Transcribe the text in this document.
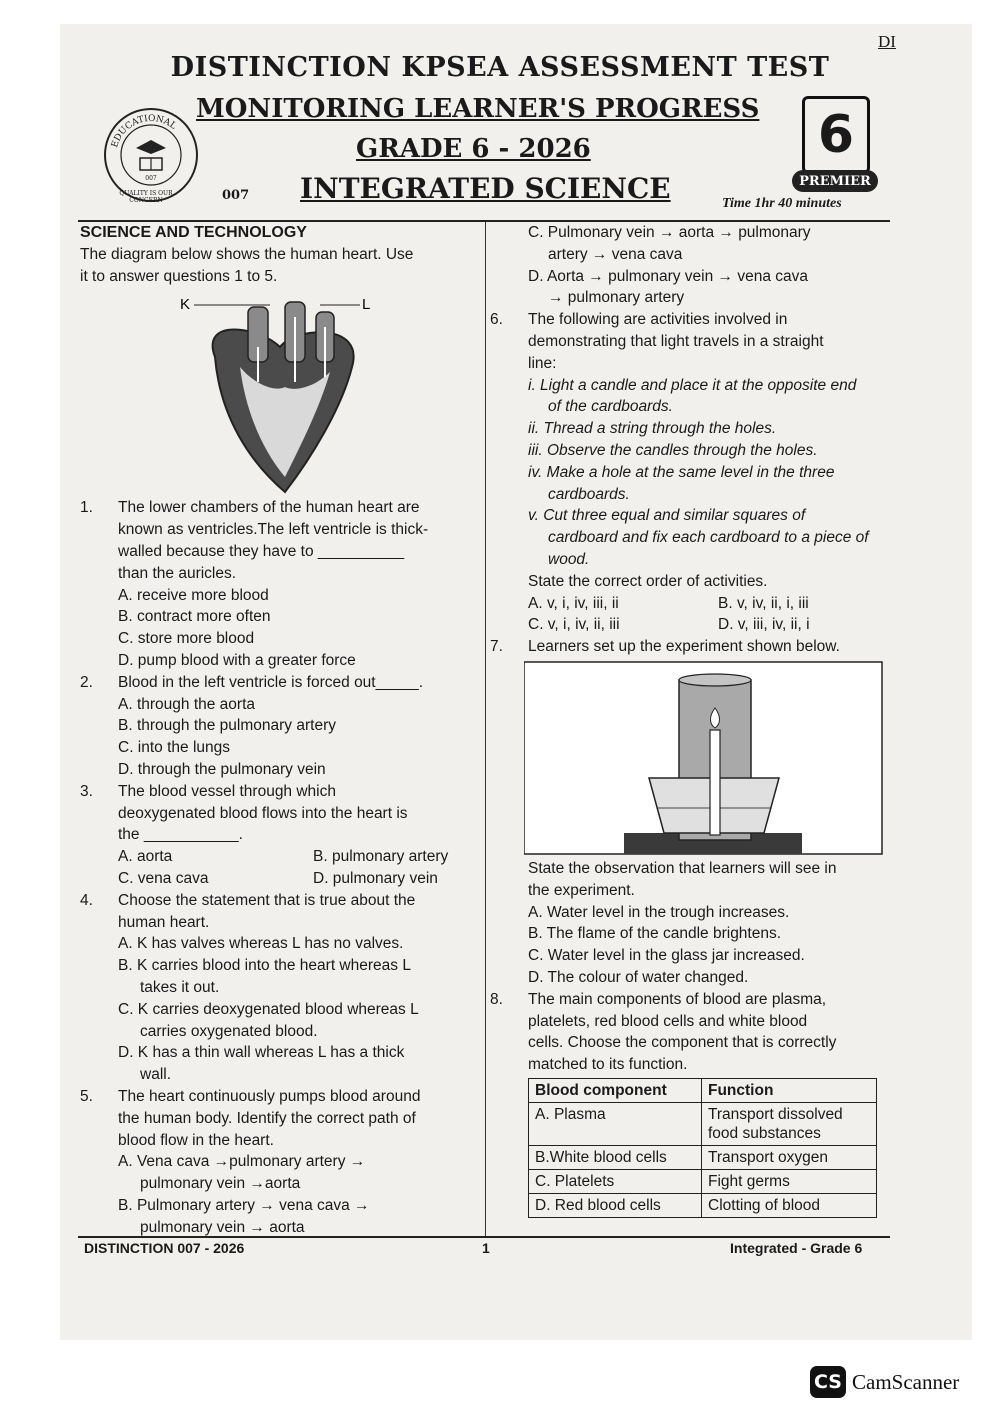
DI
DISTINCTION KPSEA ASSESSMENT TEST
MONITORING LEARNER'S PROGRESS
GRADE 6 - 2026
INTEGRATED SCIENCE
6
PREMIER
Time 1hr 40 minutes
EDUCATIONAL
007
QUALITY IS OUR CONCERN	007

SCIENCE AND TECHNOLOGY

The diagram below shows the human heart. Use

it to answer questions 1 to 5.

K	L
1. The lower chambers of the human heart are

known as ventricles.The left ventricle is thick-

walled because they have to __________

than the auricles.

A. receive more blood

B. contract more often

C. store more blood

D. pump blood with a greater force

2. Blood in the left ventricle is forced out_____.

A. through the aorta

B. through the pulmonary artery

C. into the lungs

D. through the pulmonary vein

3. The blood vessel through which

deoxygenated blood flows into the heart is

the ___________.

A. aorta	B. pulmonary artery
C. vena cava	D. pulmonary vein
4. Choose the statement that is true about the

human heart.

A. K has valves whereas L has no valves.

B. K carries blood into the heart whereas L

takes it out.

C. K carries deoxygenated blood whereas L

carries oxygenated blood.

D. K has a thin wall whereas L has a thick

wall.

5. The heart continuously pumps blood around

the human body. Identify the correct path of

blood flow in the heart.

A. Vena cava →pulmonary artery →

pulmonary vein →aorta

B. Pulmonary artery → vena cava →

pulmonary vein → aorta

C. Pulmonary vein → aorta → pulmonary

artery → vena cava

D. Aorta → pulmonary vein → vena cava

→ pulmonary artery

6. The following are activities involved in

demonstrating that light travels in a straight

line:

i. Light a candle and place it at the opposite end

of the cardboards.

ii. Thread a string through the holes.

iii. Observe the candles through the holes.

iv. Make a hole at the same level in the three

cardboards.

v. Cut three equal and similar squares of

cardboard and fix each cardboard to a piece of

wood.

State the correct order of activities.

A. v, i, iv, iii, ii	B. v, iv, ii, i, iii
C. v, i, iv, ii, iii	D. v, iii, iv, ii, i
7. Learners set up the experiment shown below.

State the observation that learners will see in

the experiment.

A. Water level in the trough increases.

B. The flame of the candle brightens.

C. Water level in the glass jar increased.

D. The colour of water changed.

8. The main components of blood are plasma,

platelets, red blood cells and white blood

cells. Choose the component that is correctly

matched to its function.

Blood component	Function
A. Plasma	Transport dissolved food substances
B.White blood cells	Transport oxygen
C. Platelets	Fight germs
D. Red blood cells	Clotting of blood
DISTINCTION 007 - 2026	1	Integrated - Grade 6
CS CamScanner
